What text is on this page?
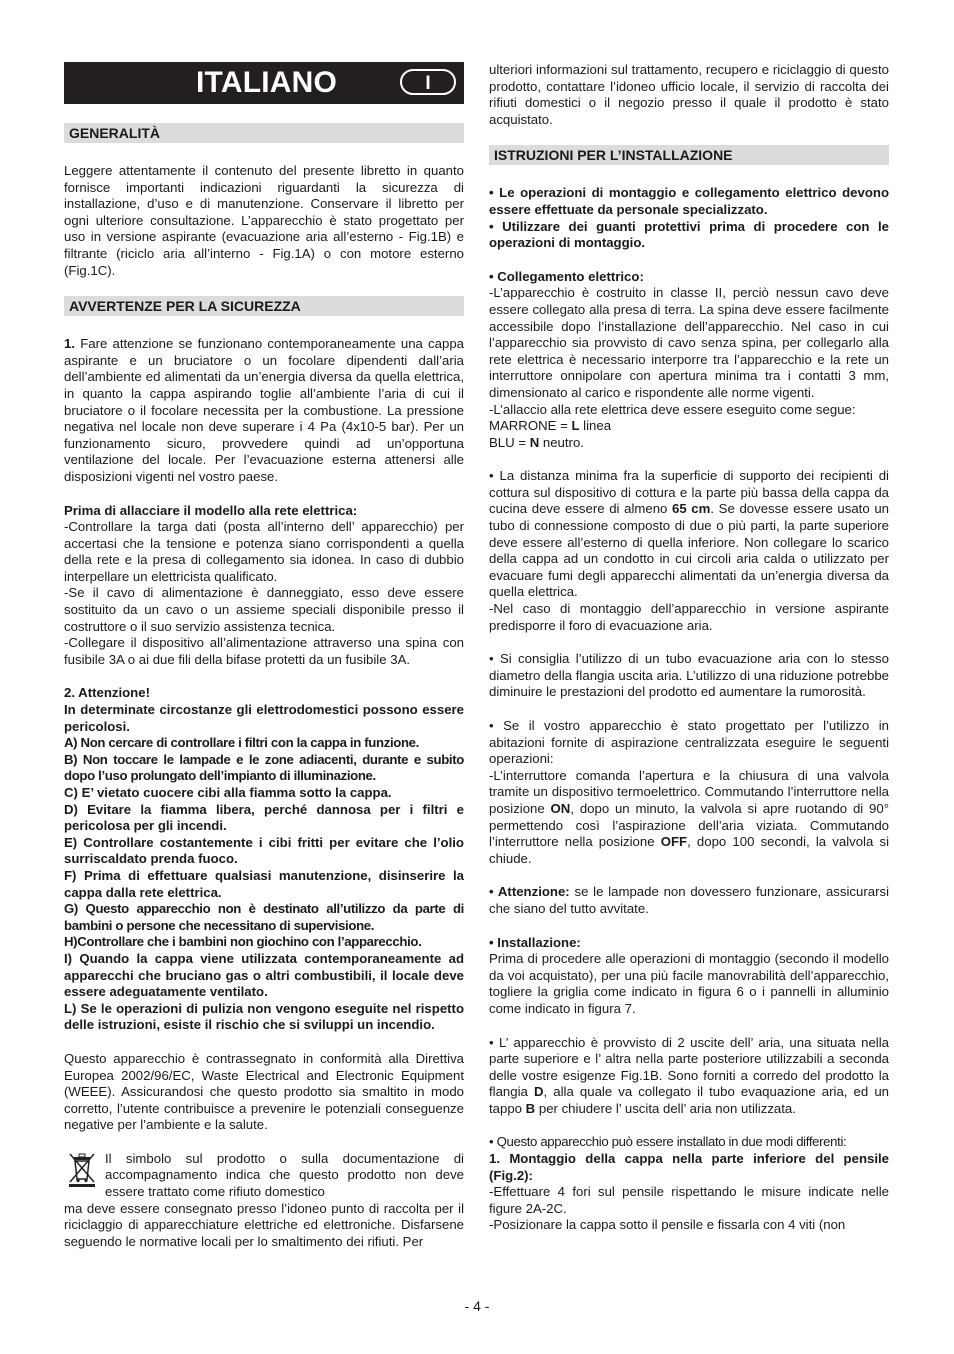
ITALIANO	I
GENERALITÀ

Leggere attentamente il contenuto del presente libretto in quanto fornisce importanti indicazioni riguardanti la sicurezza di installazione, d’uso e di manutenzione. Conservare il libretto per ogni ulteriore consultazione. L’apparecchio è stato progettato per uso in versione aspirante (evacuazione aria all’esterno - Fig.1B) e filtrante (riciclo aria all’interno - Fig.1A) o con motore esterno (Fig.1C).

AVVERTENZE PER LA SICUREZZA

1. Fare attenzione se funzionano contemporaneamente una cappa aspirante e un bruciatore o un focolare dipendenti dall’aria dell’ambiente ed alimentati da un’energia diversa da quella elettrica, in quanto la cappa aspirando toglie all’ambiente l’aria di cui il bruciatore o il focolare necessita per la combustione. La pressione negativa nel locale non deve superare i 4 Pa (4x10-5 bar). Per un funzionamento sicuro, provvedere quindi ad un’opportuna ventilazione del locale. Per l’evacuazione esterna attenersi alle disposizioni vigenti nel vostro paese.

Prima di allacciare il modello alla rete elettrica:
-Controllare la targa dati (posta all’interno dell’ apparecchio) per accertasi che la tensione e potenza siano corrispondenti a quella della rete e la presa di collegamento sia idonea. In caso di dubbio interpellare un elettricista qualificato.
-Se il cavo di alimentazione è danneggiato, esso deve essere sostituito da un cavo o un assieme speciali disponibile presso il costruttore o il suo servizio assistenza tecnica.
-Collegare il dispositivo all’alimentazione attraverso una spina con fusibile 3A o ai due fili della bifase protetti da un fusibile 3A.

2. Attenzione!
In determinate circostanze gli elettrodomestici possono essere pericolosi.
A) Non cercare di controllare i filtri con la cappa in funzione.
B) Non toccare le lampade e le zone adiacenti, durante e subito dopo l’uso prolungato dell’impianto di illuminazione.
C) E’ vietato cuocere cibi alla fiamma sotto la cappa.
D) Evitare la fiamma libera, perché dannosa per i filtri e pericolosa per gli incendi.
E) Controllare costantemente i cibi fritti per evitare che l’olio surriscaldato prenda fuoco.
F) Prima di effettuare qualsiasi manutenzione, disinserire la cappa dalla rete elettrica.
G) Questo apparecchio non è destinato all’utilizzo da parte di bambini o persone che necessitano di supervisione.
H)Controllare che i bambini non giochino con l’apparecchio.
I) Quando la cappa viene utilizzata contemporaneamente ad apparecchi che bruciano gas o altri combustibili, il locale deve essere adeguatamente ventilato.
L) Se le operazioni di pulizia non vengono eseguite nel rispetto delle istruzioni, esiste il rischio che si sviluppi un incendio.

Questo apparecchio è contrassegnato in conformità alla Direttiva Europea 2002/96/EC, Waste Electrical and Electronic Equipment (WEEE). Assicurandosi che questo prodotto sia smaltito in modo corretto, l’utente contribuisce a prevenire le potenziali conseguenze negative per l’ambiente e la salute.

Il simbolo sul prodotto o sulla documentazione di accompagnamento indica che questo prodotto non deve essere trattato come rifiuto domestico
ma deve essere consegnato presso l’idoneo punto di raccolta per il riciclaggio di apparecchiature elettriche ed elettroniche. Disfarsene seguendo le normative locali per lo smaltimento dei rifiuti. Per

ulteriori informazioni sul trattamento, recupero e riciclaggio di questo prodotto, contattare l’idoneo ufficio locale, il servizio di raccolta dei rifiuti domestici o il negozio presso il quale il prodotto è stato acquistato.

ISTRUZIONI PER L’INSTALLAZIONE

• Le operazioni di montaggio e collegamento elettrico devono essere effettuate da personale specializzato.
• Utilizzare dei guanti protettivi prima di procedere con le operazioni di montaggio.

• Collegamento elettrico:
-L’apparecchio è costruito in classe II, perciò nessun cavo deve essere collegato alla presa di terra. La spina deve essere facilmente accessibile dopo l’installazione dell’apparecchio. Nel caso in cui l’apparecchio sia provvisto di cavo senza spina, per collegarlo alla rete elettrica è necessario interporre tra l’apparecchio e la rete un interruttore onnipolare con apertura minima tra i contatti 3 mm, dimensionato al carico e rispondente alle norme vigenti.
-L’allaccio alla rete elettrica deve essere eseguito come segue:
MARRONE = L linea
BLU = N neutro.

• La distanza minima fra la superficie di supporto dei recipienti di cottura sul dispositivo di cottura e la parte più bassa della cappa da cucina deve essere di almeno 65 cm. Se dovesse essere usato un tubo di connessione composto di due o più parti, la parte superiore deve essere all’esterno di quella inferiore. Non collegare lo scarico della cappa ad un condotto in cui circoli aria calda o utilizzato per evacuare fumi degli apparecchi alimentati da un’energia diversa da quella elettrica.
-Nel caso di montaggio dell’apparecchio in versione aspirante predisporre il foro di evacuazione aria.

• Si consiglia l’utilizzo di un tubo evacuazione aria con lo stesso diametro della flangia uscita aria. L’utilizzo di una riduzione potrebbe diminuire le prestazioni del prodotto ed aumentare la rumorosità.

• Se il vostro apparecchio è stato progettato per l’utilizzo in abitazioni fornite di aspirazione centralizzata eseguire le seguenti operazioni:
-L’interruttore comanda l’apertura e la chiusura di una valvola tramite un dispositivo termoelettrico. Commutando l’interruttore nella posizione ON, dopo un minuto, la valvola si apre ruotando di 90° permettendo così l’aspirazione dell’aria viziata. Commutando l’interruttore nella posizione OFF, dopo 100 secondi, la valvola si chiude.

• Attenzione: se le lampade non dovessero funzionare, assicurarsi che siano del tutto avvitate.

• Installazione:
Prima di procedere alle operazioni di montaggio (secondo il modello da voi acquistato), per una più facile manovrabilità dell’apparecchio, togliere la griglia come indicato in figura 6 o i pannelli in alluminio come indicato in figura 7.

• L’ apparecchio è provvisto di 2 uscite dell’ aria, una situata nella parte superiore e l’ altra nella parte posteriore utilizzabili a seconda delle vostre esigenze Fig.1B. Sono forniti a corredo del prodotto la flangia D, alla quale va collegato il tubo evaquazione aria, ed un tappo B per chiudere l’ uscita dell’ aria non utilizzata.

• Questo apparecchio può essere installato in due modi differenti:
1. Montaggio della cappa nella parte inferiore del pensile (Fig.2):
-Effettuare 4 fori sul pensile rispettando le misure indicate nelle figure 2A-2C.
-Posizionare la cappa sotto il pensile e fissarla con 4 viti (non

- 4 -
